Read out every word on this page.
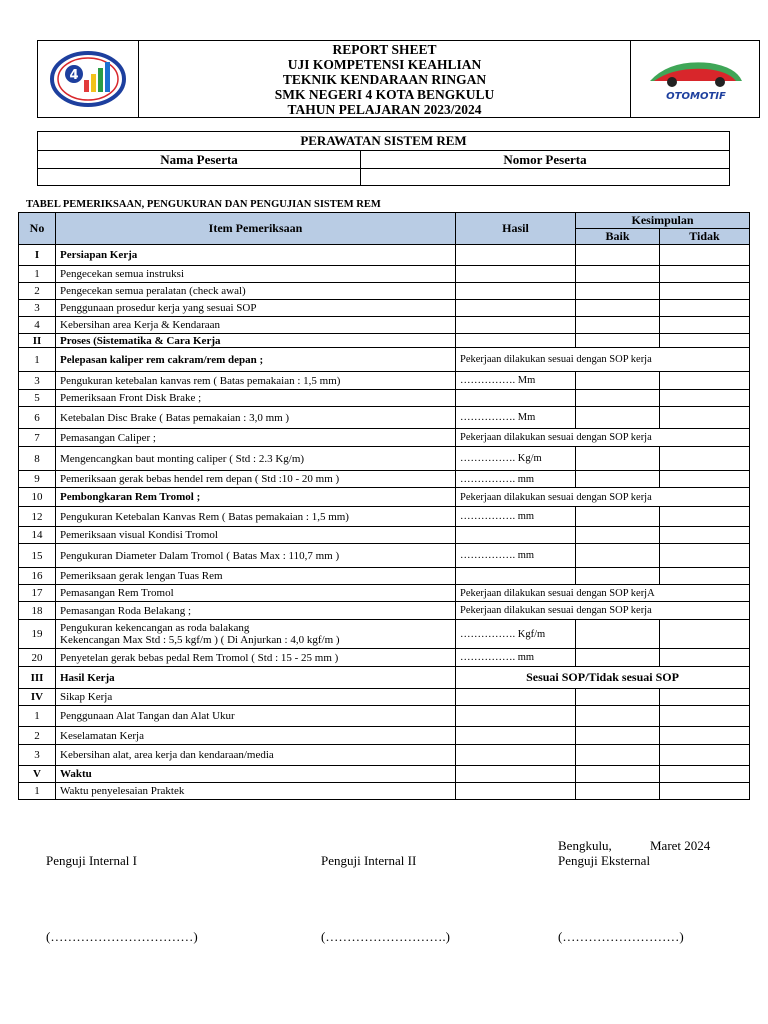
4
REPORT SHEET
UJI KOMPETENSI KEAHLIAN
TEKNIK KENDARAAN RINGAN
SMK NEGERI 4 KOTA BENGKULU
TAHUN PELAJARAN 2023/2024
OTOMOTIF
PERAWATAN SISTEM REM	
Nama Peserta	Nomor Peserta

TABEL PEMERIKSAAN, PENGUKURAN DAN PENGUJIAN SISTEM REM
No	Item Pemeriksaan	Hasil	Kesimpulan	
			Baik	Tidak
I	Persiapan Kerja			
1	Pengecekan semua instruksi			
2	Pengecekan semua peralatan (check awal)			
3	Penggunaan prosedur kerja yang sesuai SOP			
4	Kebersihan area Kerja & Kendaraan			
II	Proses (Sistematika & Cara Kerja			
1	Pelepasan kaliper rem cakram/rem depan ;	Pekerjaan dilakukan sesuai dengan SOP kerja		
3	Pengukuran ketebalan kanvas rem ( Batas pemakaian : 1,5 mm)	……………. Mm		
5	Pemeriksaan Front Disk Brake ;			
6	Ketebalan Disc Brake ( Batas pemakaian : 3,0 mm )	……………. Mm		
7	Pemasangan Caliper ;	Pekerjaan dilakukan sesuai dengan SOP kerja		
8	Mengencangkan baut monting caliper ( Std : 2.3 Kg/m)	……………. Kg/m		
9	Pemeriksaan gerak bebas hendel rem depan ( Std :10 - 20 mm )	……………. mm		
10	Pembongkaran Rem Tromol ;	Pekerjaan dilakukan sesuai dengan SOP kerja		
12	Pengukuran Ketebalan Kanvas Rem ( Batas pemakaian : 1,5 mm)	……………. mm		
14	Pemeriksaan visual Kondisi Tromol			
15	Pengukuran Diameter Dalam Tromol ( Batas Max : 110,7 mm )	……………. mm		
16	Pemeriksaan gerak lengan Tuas Rem			
17	Pemasangan Rem Tromol	Pekerjaan dilakukan sesuai dengan SOP kerjA		
18	Pemasangan Roda Belakang ;	Pekerjaan dilakukan sesuai dengan SOP kerja		
19	Pengukuran kekencangan as roda balakang
Kekencangan Max Std : 5,5 kgf/m ) ( Di Anjurkan : 4,0 kgf/m )	……………. Kgf/m		
20	Penyetelan gerak bebas pedal Rem Tromol ( Std : 15 - 25 mm )	……………. mm		
III	Hasil Kerja	Sesuai SOP/Tidak sesuai SOP		
IV	Sikap Kerja			
1	Penggunaan Alat Tangan dan Alat Ukur			
2	Keselamatan Kerja			
3	Kebersihan alat, area kerja dan kendaraan/media			
V	Waktu			
1	Waktu penyelesaian Praktek			
Bengkulu,	Maret 2024
Penguji Internal I	Penguji Internal II	Penguji Eksternal
(……………………………)	(……………………….)	(………………………)
